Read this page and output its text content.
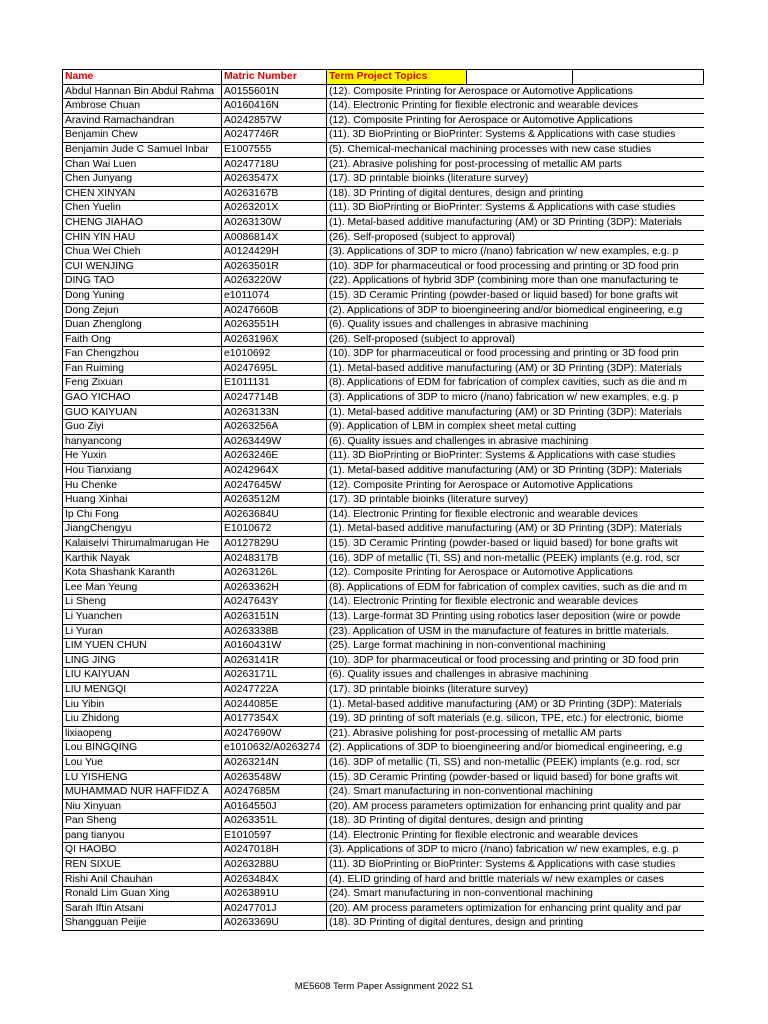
Name	Matric Number	Term Project Topics		
Abdul Hannan Bin Abdul Rahma	A0155601N	(12). Composite Printing for Aerospace or Automotive Applications		
Ambrose Chuan	A0160416N	(14). Electronic Printing for flexible electronic and wearable devices		
Aravind Ramachandran	A0242857W	(12). Composite Printing for Aerospace or Automotive Applications		
Benjamin Chew	A0247746R	(11). 3D BioPrinting or BioPrinter: Systems & Applications with case studies		
Benjamin Jude C Samuel Inbar	E1007555	(5). Chemical-mechanical machining processes with new case studies		
Chan Wai Luen	A0247718U	(21). Abrasive polishing for post-processing of metallic AM parts		
Chen Junyang	A0263547X	(17). 3D printable bioinks (literature survey)		
CHEN XINYAN	A0263167B	(18). 3D Printing of digital dentures, design and printing		
Chen Yuelin	A0263201X	(11). 3D BioPrinting or BioPrinter: Systems & Applications with case studies		
CHENG JIAHAO	A0263130W	(1). Metal-based additive manufacturing (AM) or 3D Printing (3DP): Materials		
CHIN YIN HAU	A0086814X	(26). Self-proposed (subject to approval)		
Chua Wei Chieh	A0124429H	(3). Applications of 3DP to micro (/nano) fabrication w/ new examples, e.g. p		
CUI WENJING	A0263501R	(10). 3DP for pharmaceutical or food processing and printing or 3D food prin		
DING TAO	A0263220W	(22). Applications of hybrid 3DP (combining more than one manufacturing te		
Dong Yuning	e1011074	(15). 3D Ceramic Printing (powder-based or liquid based) for bone grafts wit		
Dong Zejun	A0247660B	(2). Applications of 3DP to bioengineering and/or biomedical engineering, e.g		
Duan Zhenglong	A0263551H	(6). Quality issues and challenges in abrasive machining		
Faith Ong	A0263196X	(26). Self-proposed (subject to approval)		
Fan Chengzhou	e1010692	(10). 3DP for pharmaceutical or food processing and printing or 3D food prin		
Fan Ruiming	A0247695L	(1). Metal-based additive manufacturing (AM) or 3D Printing (3DP): Materials		
Feng Zixuan	E1011131	(8). Applications of EDM for fabrication of complex cavities, such as die and m		
GAO YICHAO	A0247714B	(3). Applications of 3DP to micro (/nano) fabrication w/ new examples, e.g. p		
GUO KAIYUAN	A0263133N	(1). Metal-based additive manufacturing (AM) or 3D Printing (3DP): Materials		
Guo Ziyi	A0263256A	(9). Application of LBM in complex sheet metal cutting		
hanyancong	A0263449W	(6). Quality issues and challenges in abrasive machining		
He Yuxin	A0263246E	(11). 3D BioPrinting or BioPrinter: Systems & Applications with case studies		
Hou Tianxiang	A0242964X	(1). Metal-based additive manufacturing (AM) or 3D Printing (3DP): Materials		
Hu Chenke	A0247645W	(12). Composite Printing for Aerospace or Automotive Applications		
Huang Xinhai	A0263512M	(17). 3D printable bioinks (literature survey)		
Ip Chi Fong	A0263684U	(14). Electronic Printing for flexible electronic and wearable devices		
JiangChengyu	E1010672	(1). Metal-based additive manufacturing (AM) or 3D Printing (3DP): Materials		
Kalaiselvi Thirumalmarugan He	A0127829U	(15). 3D Ceramic Printing (powder-based or liquid based) for bone grafts wit		
Karthik Nayak	A0248317B	(16). 3DP of metallic (Ti, SS) and non-metallic (PEEK) implants (e.g. rod, scr		
Kota Shashank Karanth	A0263126L	(12). Composite Printing for Aerospace or Automotive Applications		
Lee Man Yeung	A0263362H	(8). Applications of EDM for fabrication of complex cavities, such as die and m		
Li Sheng	A0247643Y	(14). Electronic Printing for flexible electronic and wearable devices		
Li Yuanchen	A0263151N	(13). Large-format 3D Printing using robotics laser deposition (wire or powde		
Li Yuran	A0263338B	(23). Application of USM in the manufacture of features in brittle materials.		
LIM YUEN CHUN	A0160431W	(25). Large format machining in non-conventional machining		
LING JING	A0263141R	(10). 3DP for pharmaceutical or food processing and printing or 3D food prin		
LIU KAIYUAN	A0263171L	(6). Quality issues and challenges in abrasive machining		
LIU MENGQI	A0247722A	(17). 3D printable bioinks (literature survey)		
Liu Yibin	A0244085E	(1). Metal-based additive manufacturing (AM) or 3D Printing (3DP): Materials		
Liu Zhidong	A0177354X	(19). 3D printing of soft materials (e.g. silicon, TPE, etc.) for electronic, biome		
lixiaopeng	A0247690W	(21). Abrasive polishing for post-processing of metallic AM parts		
Lou BINGQING	e1010632/A0263274	(2). Applications of 3DP to bioengineering and/or biomedical engineering, e.g		
Lou Yue	A0263214N	(16). 3DP of metallic (Ti, SS) and non-metallic (PEEK) implants (e.g. rod, scr		
LU YISHENG	A0263548W	(15). 3D Ceramic Printing (powder-based or liquid based) for bone grafts wit		
MUHAMMAD NUR HAFFIDZ A	A0247685M	(24). Smart manufacturing in non-conventional machining		
Niu Xinyuan	A0164550J	(20). AM process parameters optimization for enhancing print quality and par		
Pan Sheng	A0263351L	(18). 3D Printing of digital dentures, design and printing		
pang tianyou	E1010597	(14). Electronic Printing for flexible electronic and wearable devices		
QI HAOBO	A0247018H	(3). Applications of 3DP to micro (/nano) fabrication w/ new examples, e.g. p		
REN SIXUE	A0263288U	(11). 3D BioPrinting or BioPrinter: Systems & Applications with case studies		
Rishi Anil Chauhan	A0263484X	(4). ELID grinding of hard and brittle materials w/ new examples or cases		
Ronald Lim Guan Xing	A0263891U	(24). Smart manufacturing in non-conventional machining		
Sarah Iftin Atsani	A0247701J	(20). AM process parameters optimization for enhancing print quality and par		
Shangguan Peijie	A0263369U	(18). 3D Printing of digital dentures, design and printing		
ME5608 Term Paper Assignment 2022 S1
